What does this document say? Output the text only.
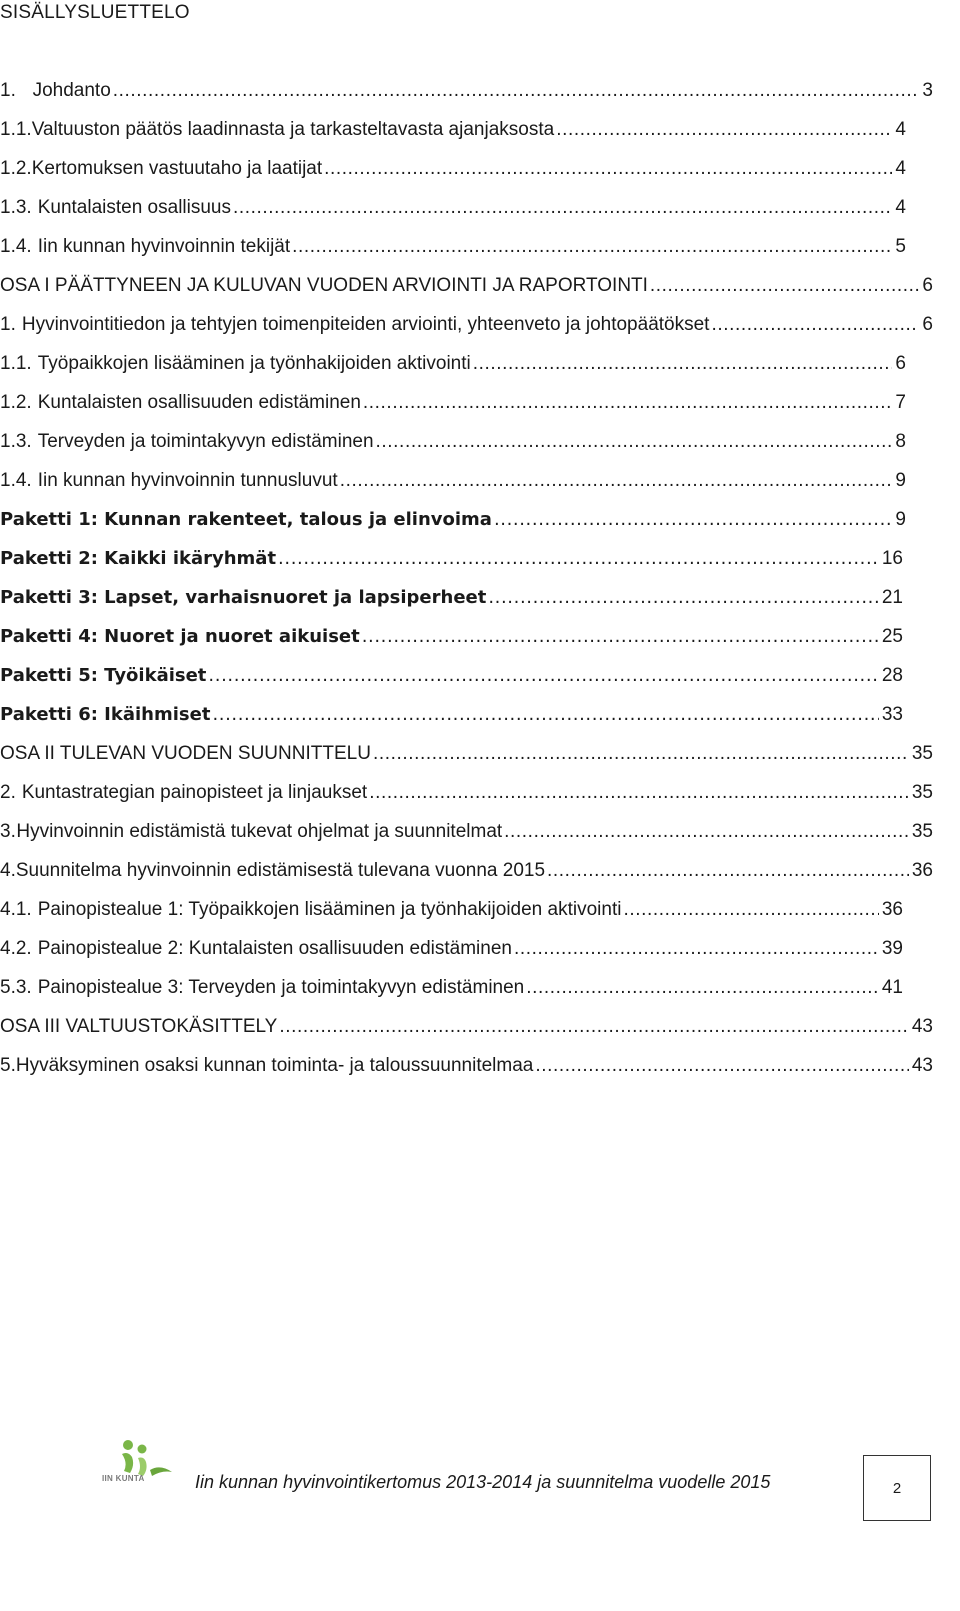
SISÄLLYSLUETTELO
1. Johdanto .....	3
1.1. Valtuuston päätös laadinnasta ja tarkasteltavasta ajanjaksosta .....	4
1.2. Kertomuksen vastuutaho ja laatijat .....	4
1.3. Kuntalaisten osallisuus .....	4
1.4. Iin kunnan hyvinvoinnin tekijät .....	5
OSA I PÄÄTTYNEEN JA KULUVAN VUODEN ARVIOINTI JA RAPORTOINTI .....	6
1. Hyvinvointitiedon ja tehtyjen toimenpiteiden arviointi, yhteenveto ja johtopäätökset .....	6
1.1. Työpaikkojen lisääminen ja työnhakijoiden aktivointi .....	6
1.2. Kuntalaisten osallisuuden edistäminen .....	7
1.3. Terveyden ja toimintakyvyn edistäminen .....	8
1.4. Iin kunnan hyvinvoinnin tunnusluvut .....	9
Paketti 1: Kunnan rakenteet, talous ja elinvoima .....	9
Paketti 2: Kaikki ikäryhmät .....	16
Paketti 3: Lapset, varhaisnuoret ja lapsiperheet .....	21
Paketti 4: Nuoret ja nuoret aikuiset .....	25
Paketti 5: Työikäiset .....	28
Paketti 6: Ikäihmiset .....	33
OSA II TULEVAN VUODEN SUUNNITTELU .....	35
2. Kuntastrategian painopisteet ja linjaukset .....	35
3. Hyvinvoinnin edistämistä tukevat ohjelmat ja suunnitelmat .....	35
4. Suunnitelma hyvinvoinnin edistämisestä tulevana vuonna 2015 .....	36
4.1. Painopistealue 1: Työpaikkojen lisääminen ja työnhakijoiden aktivointi .....	36
4.2. Painopistealue 2: Kuntalaisten osallisuuden edistäminen .....	39
5.3. Painopistealue 3: Terveyden ja toimintakyvyn edistäminen .....	41
OSA III VALTUUSTOKÄSITTELY .....	43
5. Hyväksyminen osaksi kunnan toiminta- ja taloussuunnitelmaa .....	43
IIN KUNTA	Iin kunnan hyvinvointikertomus 2013-2014 ja suunnitelma vuodelle 2015	2
